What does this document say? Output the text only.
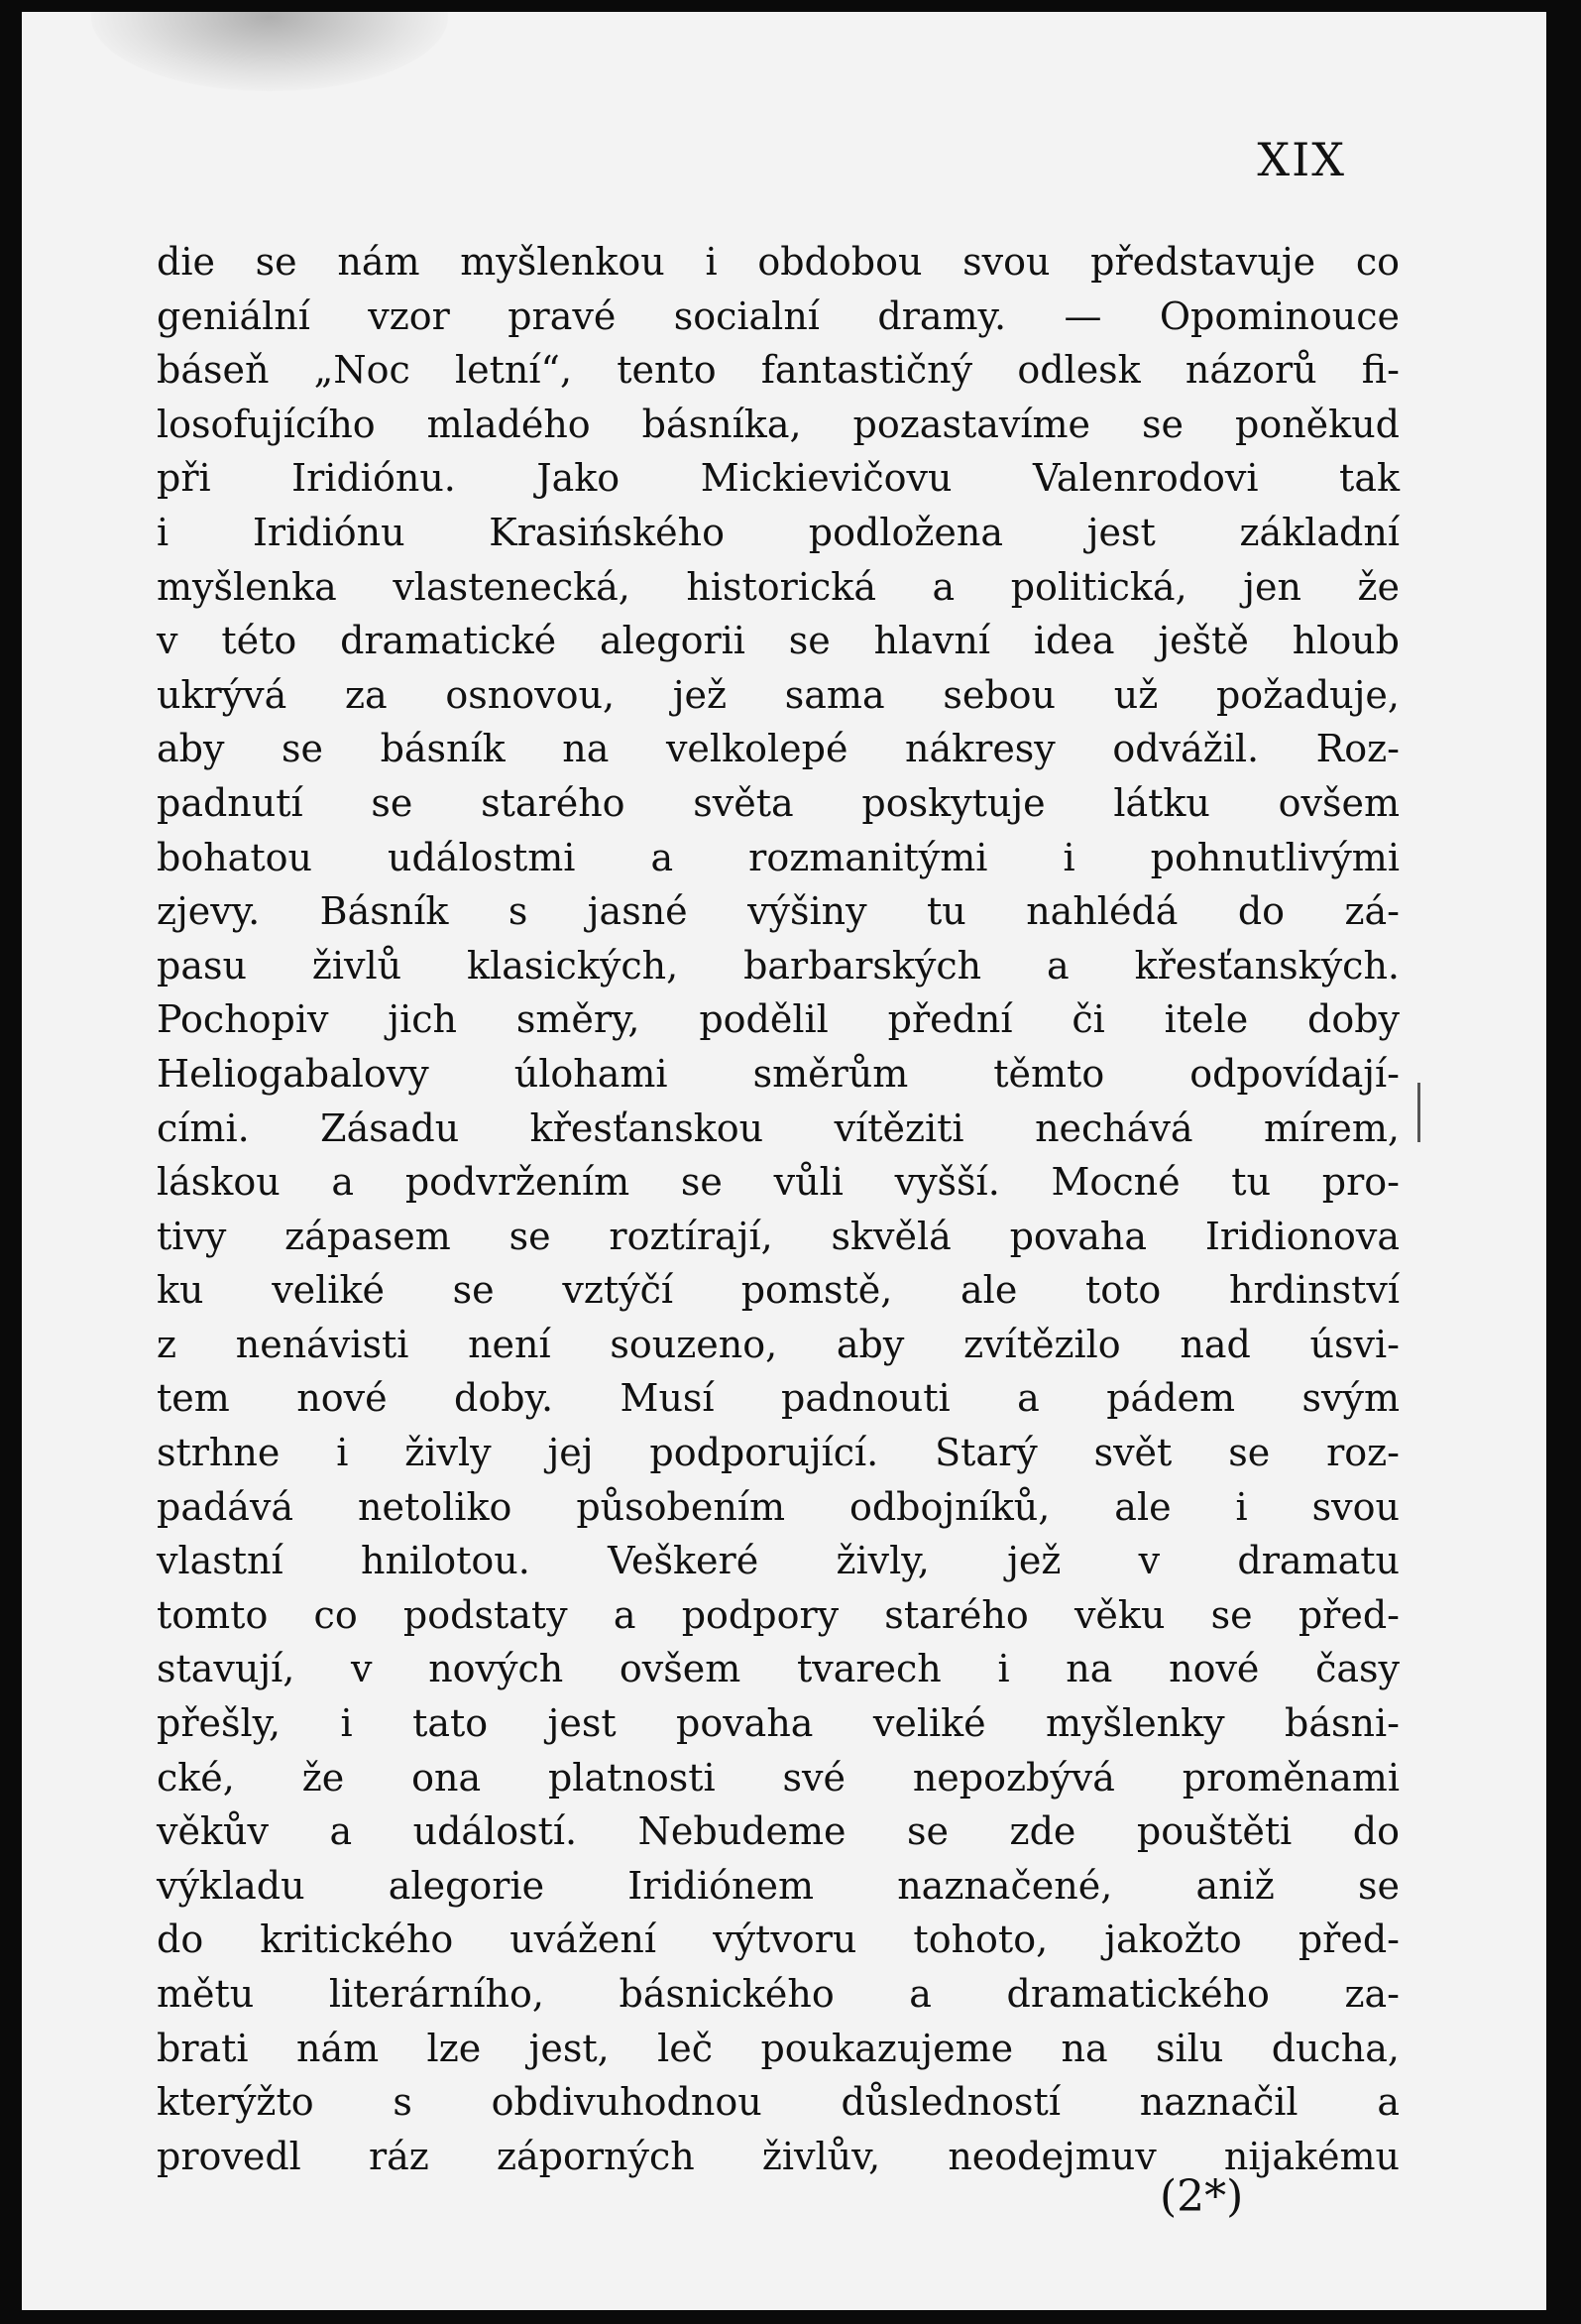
XIX
die se nám myšlenkou i obdobou svou představuje co
geniální vzor pravé socialní dramy. — Opominouce
báseň „Noc letní“, tento fantastičný odlesk názorů fi-
losofujícího mladého básníka, pozastavíme se poněkud
při Iridiónu. Jako Mickievičovu Valenrodovi tak
i Iridiónu Krasińského podložena jest základní
myšlenka vlastenecká, historická a politická, jen že
v této dramatické alegorii se hlavní idea ještě hloub
ukrývá za osnovou, jež sama sebou už požaduje,
aby se básník na velkolepé nákresy odvážil. Roz-
padnutí se starého světa poskytuje látku ovšem
bohatou událostmi a rozmanitými i pohnutlivými
zjevy. Básník s jasné výšiny tu nahlédá do zá-
pasu živlů klasických, barbarských a křesťanských.
Pochopiv jich směry, podělil přední či itele doby
Heliogabalovy úlohami směrům těmto odpovídají-
cími. Zásadu křesťanskou vítěziti nechává mírem,
láskou a podvržením se vůli vyšší. Mocné tu pro-
tivy zápasem se roztírají, skvělá povaha Iridionova
ku veliké se vztýčí pomstě, ale toto hrdinství
z nenávisti není souzeno, aby zvítězilo nad úsvi-
tem nové doby. Musí padnouti a pádem svým
strhne i živly jej podporující. Starý svět se roz-
padává netoliko působením odbojníků, ale i svou
vlastní hnilotou. Veškeré živly, jež v dramatu
tomto co podstaty a podpory starého věku se před-
stavují, v nových ovšem tvarech i na nové časy
přešly, i tato jest povaha veliké myšlenky básni-
cké, že ona platnosti své nepozbývá proměnami
věkův a událostí. Nebudeme se zde pouštěti do
výkladu alegorie Iridiónem naznačené, aniž se
do kritického uvážení výtvoru tohoto, jakožto před-
mětu literárního, básnického a dramatického za-
brati nám lze jest, leč poukazujeme na silu ducha,
kterýžto s obdivuhodnou důsledností naznačil a
provedl ráz záporných živlův, neodejmuv nijakému
(2*)
